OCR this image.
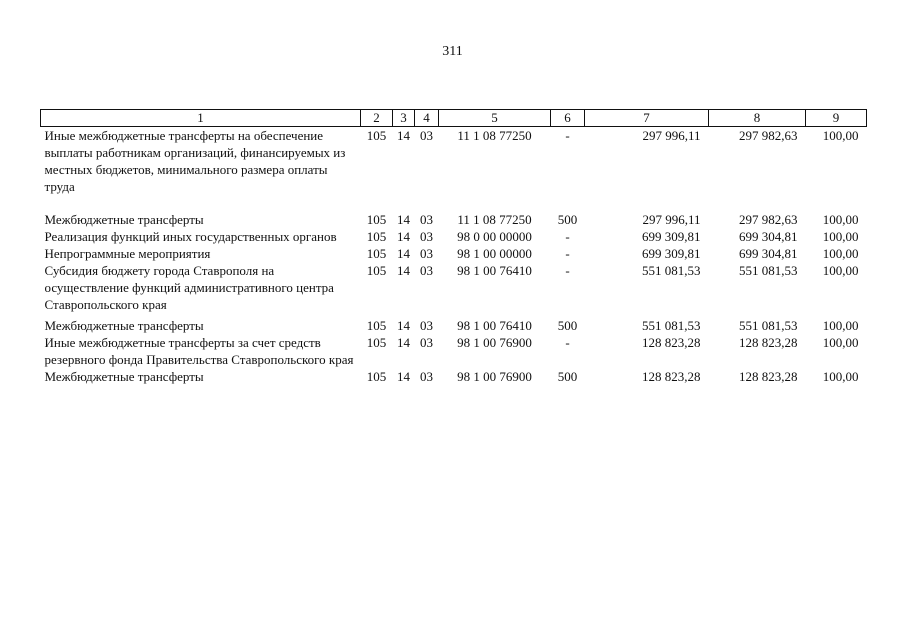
311
1	2	3	4	5	6	7	8	9
Иные межбюджетные трансферты на обеспечение выплаты работникам организаций, финансируемых из местных бюджетов, минимального размера оплаты труда	105	14	03	11 1 08 77250	-	297 996,11	297 982,63	100,00
Межбюджетные трансферты	105	14	03	11 1 08 77250	500	297 996,11	297 982,63	100,00
Реализация функций иных государственных органов	105	14	03	98 0 00 00000	-	699 309,81	699 304,81	100,00
Непрограммные мероприятия	105	14	03	98 1 00 00000	-	699 309,81	699 304,81	100,00
Субсидия бюджету города Ставрополя на осуществление функций административного центра Ставропольского края	105	14	03	98 1 00 76410	-	551 081,53	551 081,53	100,00
Межбюджетные трансферты	105	14	03	98 1 00 76410	500	551 081,53	551 081,53	100,00
Иные межбюджетные трансферты за счет средств резервного фонда Правительства Ставропольского края	105	14	03	98 1 00 76900	-	128 823,28	128 823,28	100,00
Межбюджетные трансферты	105	14	03	98 1 00 76900	500	128 823,28	128 823,28	100,00
